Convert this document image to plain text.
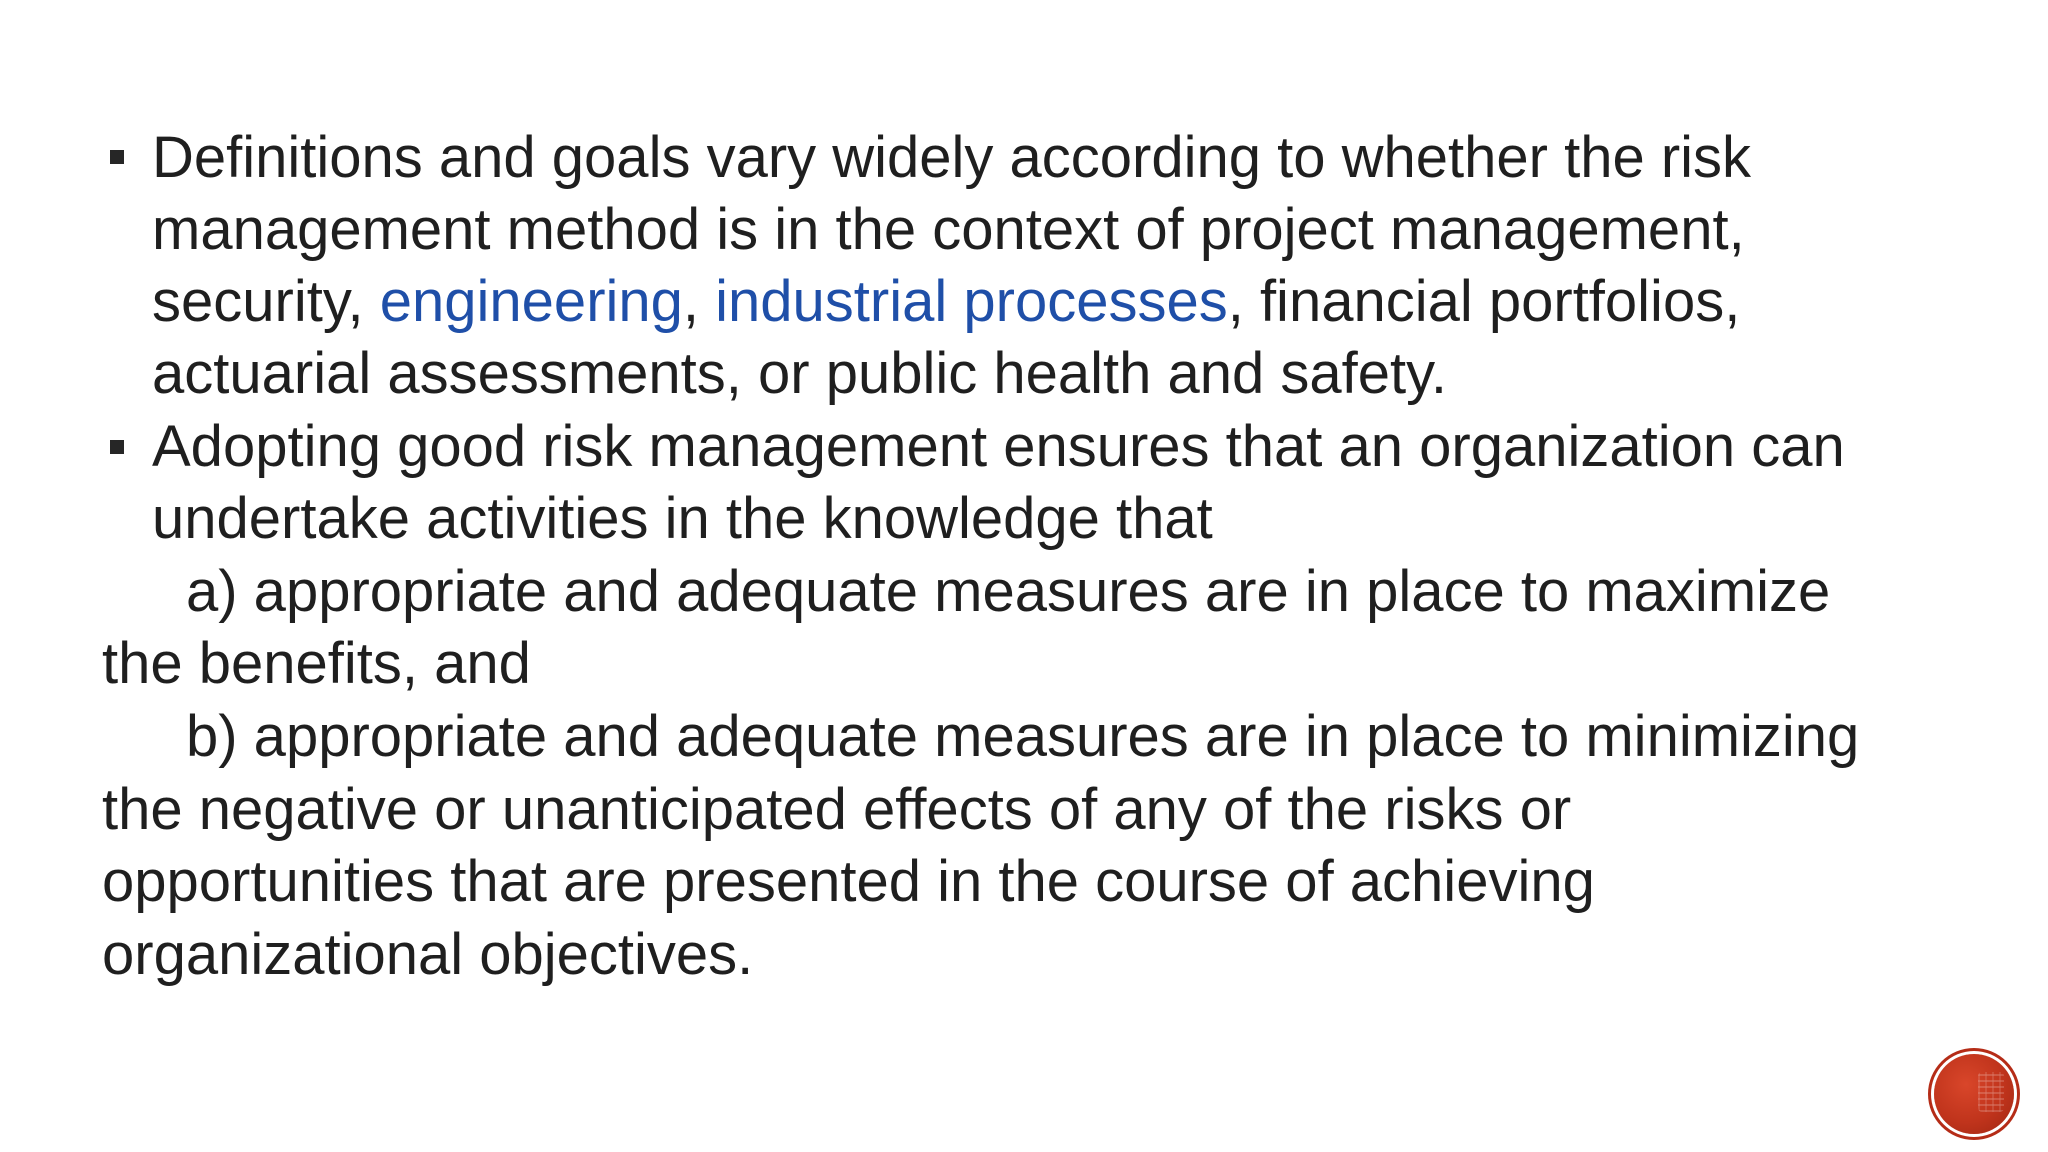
Definitions and goals vary widely according to whether the risk
management method is in the context of project management,
security, engineering, industrial processes, financial portfolios,
actuarial assessments, or public health and safety.
Adopting good risk management ensures that an organization can
undertake activities in the knowledge that
a) appropriate and adequate measures are in place to maximize
the benefits, and
b) appropriate and adequate measures are in place to minimizing
the negative or unanticipated effects of any of the risks or
opportunities that are presented in the course of achieving
organizational objectives.
